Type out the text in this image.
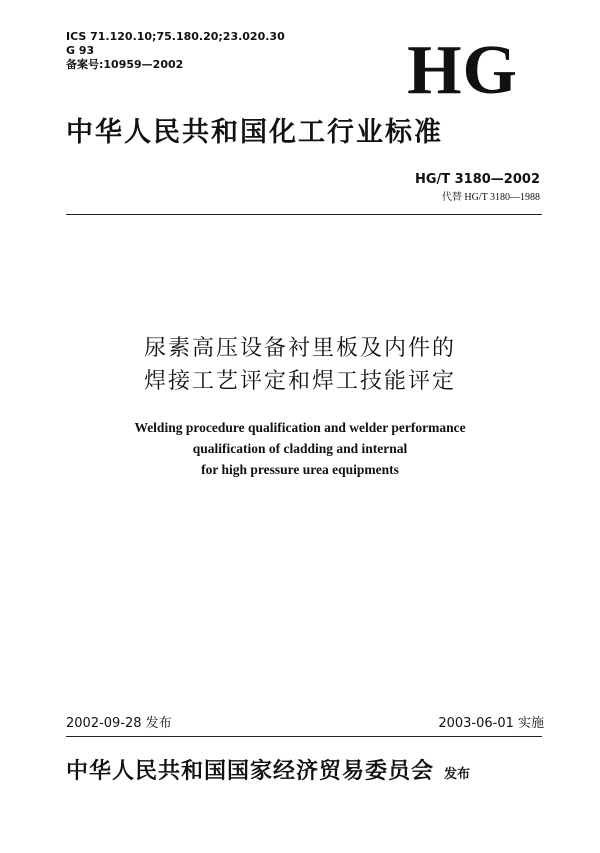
ICS 71.120.10;75.180.20;23.020.30
G 93
备案号:10959—2002	HG
中华人民共和国化工行业标准
HG/T 3180—2002
代替 HG/T 3180—1988
尿素高压设备衬里板及内件的
焊接工艺评定和焊工技能评定
Welding procedure qualification and welder performance
qualification of cladding and internal
for high pressure urea equipments
2002-09-28 发布	2003-06-01 实施
中华人民共和国国家经济贸易委员会 发布
